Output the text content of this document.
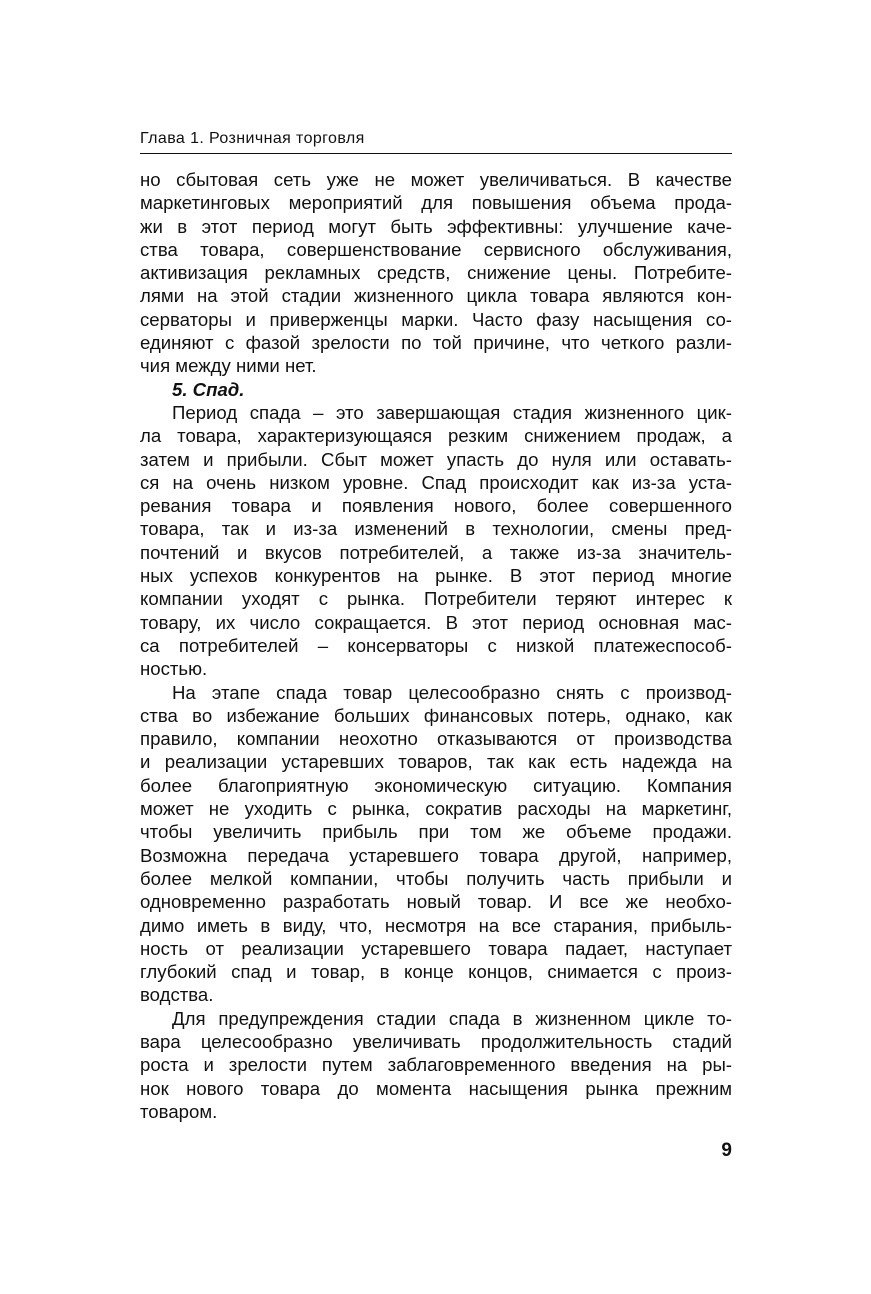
Глава 1. Розничная торговля
но сбытовая сеть уже не может увеличиваться. В качестве
маркетинговых мероприятий для повышения объема прода-
жи в этот период могут быть эффективны: улучшение каче-
ства товара, совершенствование сервисного обслуживания,
активизация рекламных средств, снижение цены. Потребите-
лями на этой стадии жизненного цикла товара являются кон-
серваторы и приверженцы марки. Часто фазу насыщения со-
единяют с фазой зрелости по той причине, что четкого разли-
чия между ними нет.
5. Спад.
Период спада – это завершающая стадия жизненного цик-
ла товара, характеризующаяся резким снижением продаж, а
затем и прибыли. Сбыт может упасть до нуля или оставать-
ся на очень низком уровне. Спад происходит как из-за уста-
ревания товара и появления нового, более совершенного
товара, так и из-за изменений в технологии, смены пред-
почтений и вкусов потребителей, а также из-за значитель-
ных успехов конкурентов на рынке. В этот период многие
компании уходят с рынка. Потребители теряют интерес к
товару, их число сокращается. В этот период основная мас-
са потребителей – консерваторы с низкой платежеспособ-
ностью.
На этапе спада товар целесообразно снять с производ-
ства во избежание больших финансовых потерь, однако, как
правило, компании неохотно отказываются от производства
и реализации устаревших товаров, так как есть надежда на
более благоприятную экономическую ситуацию. Компания
может не уходить с рынка, сократив расходы на маркетинг,
чтобы увеличить прибыль при том же объеме продажи.
Возможна передача устаревшего товара другой, например,
более мелкой компании, чтобы получить часть прибыли и
одновременно разработать новый товар. И все же необхо-
димо иметь в виду, что, несмотря на все старания, прибыль-
ность от реализации устаревшего товара падает, наступает
глубокий спад и товар, в конце концов, снимается с произ-
водства.
Для предупреждения стадии спада в жизненном цикле то-
вара целесообразно увеличивать продолжительность стадий
роста и зрелости путем заблаговременного введения на ры-
нок нового товара до момента насыщения рынка прежним
товаром.
9
